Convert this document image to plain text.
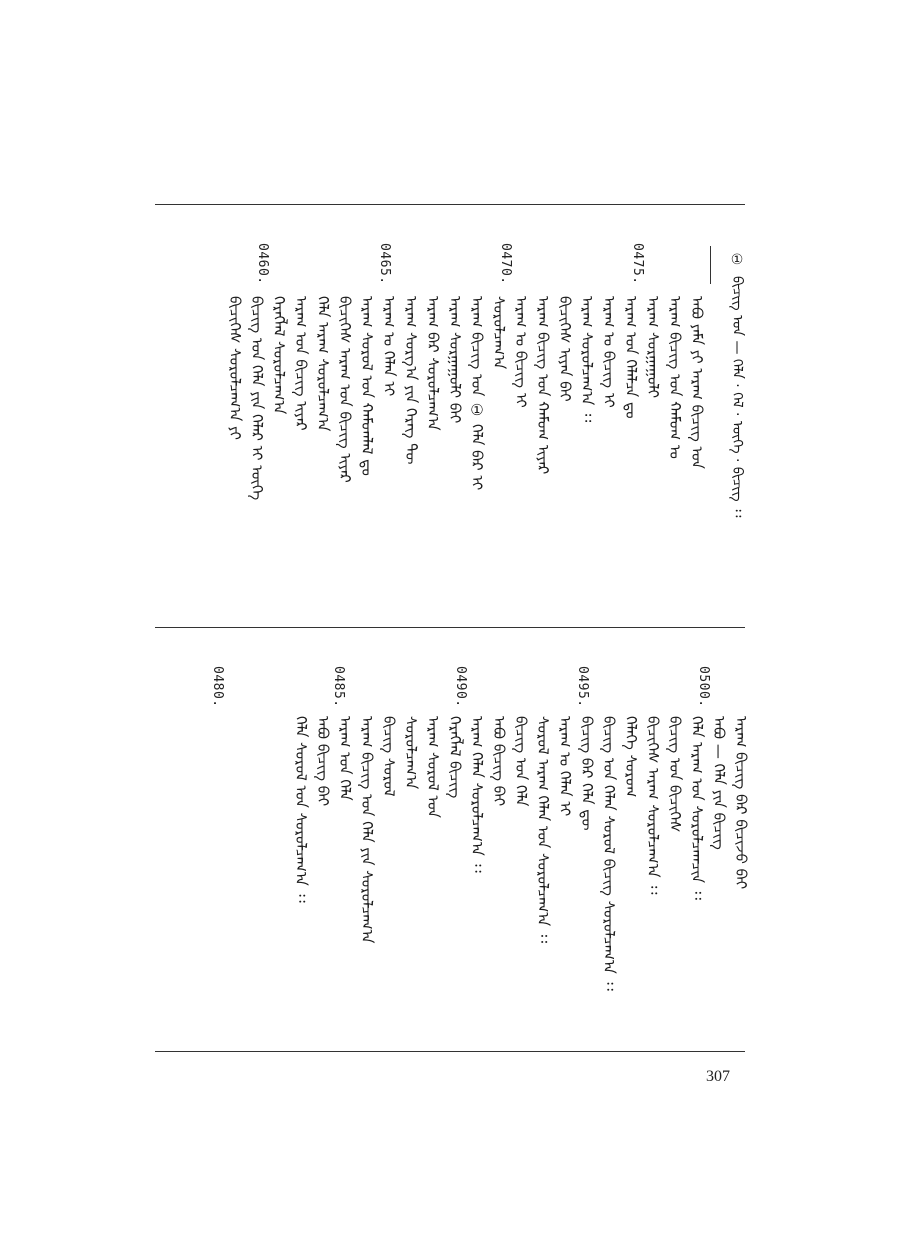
ᠪᠢᠴᠢᠭ᠌ ᠤᠨ — ᠬᠡᠯᠡ · ᠬᠡᠯ · ᠦᠭᠡ · ᠪᠢᠴᠢᠭ ᠄᠄
①
ᠠᠪᠤ ᠶᠠᠮᠠ ᠶᠢ ᠠᠷᠠᠭ ᠪᠢᠴᠢᠭ᠌ ᠤᠨ
ᠠᠷᠠᠭ ᠪᠢᠴᠢᠭ ᠤᠨ ᠬᠠᠮᠤᠭ ᠤ
ᠠᠷᠠᠭ ᠰᠤᠷᠭᠠᠭᠤᠯᠢ
ᠠᠷᠠᠭ ᠤᠨ ᠬᠡᠯᠡᠯᠴᠡ ᠳᠤ
ᠠᠷᠠᠭ ᠤ ᠪᠢᠴᠢᠭ ᠢ
ᠠᠷᠠᠭ ᠰᠤᠷᠤᠯᠴᠠᠭ᠎ᠠ ᠄᠄
ᠪᠢᠴᠢᠭᠡᠰ ᠢᠶᠡᠨ ᠪᠠᠢ
ᠠᠷᠠᠭ ᠪᠢᠴᠢᠭ ᠤᠨ ᠬᠠᠮᠤᠭ ᠢᠶᠠᠷ
ᠠᠷᠠᠭ ᠤ ᠪᠢᠴᠢᠭ ᠢ
ᠰᠤᠷᠤᠯᠴᠠᠭ᠎ᠠ
ᠠᠷᠠᠭ ᠪᠢᠴᠢᠭ᠌ ᠤᠨ ① ᠬᠡᠯᠡ ᠪᠡᠷ ᠢ
ᠠᠷᠠᠭ ᠰᠤᠷᠭᠠᠭᠤᠯᠢ ᠪᠠᠢ
ᠠᠷᠠᠭ ᠪᠠᠷ ᠰᠤᠷᠤᠯᠴᠠᠭ᠎ᠠ
ᠠᠷᠠᠭ ᠰᠤᠷᠭ᠎ᠠ ᠶᠢᠨ ᠬᠡᠷᠡᠭ ᠲᠦ
ᠠᠷᠠᠭ ᠤ ᠬᠡᠯᠡᠨ ᠢ
ᠠᠷᠠᠭ ᠰᠤᠷᠤᠯ ᠤᠨ ᠬᠠᠮᠤᠭᠯᠠᠯ ᠳᠤ
ᠪᠢᠴᠢᠭᠡᠰ ᠠᠷᠠᠭ ᠤᠨ ᠪᠢᠴᠢᠭ ᠢᠶᠡᠷ
ᠬᠡᠯᠡ ᠠᠷᠠᠭ ᠰᠤᠷᠤᠯᠴᠠᠭ᠎ᠠ
ᠠᠷᠠᠭ ᠤᠨ ᠪᠢᠴᠢᠭ ᠢᠶᠡᠷ
ᠬᠡᠷᠡᠭᠯᠡᠯ ᠰᠤᠷᠤᠯᠴᠠᠭ᠎ᠠ
ᠪᠢᠴᠢᠭ ᠤᠨ ᠬᠡᠯᠡ ᠶᠢᠨ ᠬᠡᠯᠡᠷ ᠢ ᠦᠭᠡ
ᠪᠢᠴᠢᠭᠡᠰ ᠰᠤᠷᠤᠯᠴᠠᠭ᠎ᠠ ᠶᠢ
0475.
0470.
0465.
0460.
ᠠᠷᠠᠭ ᠪᠢᠴᠢᠭ ᠪᠡᠷ ᠪᠢᠴᠢᠵᠦ ᠪᠠᠢ
ᠠᠪᠤ — ᠬᠡᠯᠡ ᠶᠢᠨ ᠪᠢᠴᠢᠭ
ᠬᠡᠯᠡ ᠠᠷᠠᠭ ᠤᠨ ᠰᠤᠷᠤᠯᠴᠠᠭᠴᠢᠨ ᠄᠄
ᠪᠢᠴᠢᠭ ᠤᠨ ᠪᠢᠴᠢᠭᠡᠰ
ᠪᠢᠴᠢᠭᠡᠰ ᠠᠷᠠᠭ ᠰᠤᠷᠤᠯᠴᠠᠭ᠎ᠠ ᠄᠄
ᠬᠡᠯᠡᠭᠡ ᠰᠤᠷᠤᠭ
ᠪᠢᠴᠢᠭ ᠤᠨ ᠬᠡᠯᠡᠨ ᠰᠤᠷᠤᠯ ᠪᠢᠴᠢᠭ᠌ ᠰᠤᠷᠤᠯᠴᠠᠭ᠎ᠠ ᠄᠄
ᠪᠢᠴᠢᠭ ᠪᠠᠷ ᠬᠡᠯᠡ ᠳᠦ
ᠠᠷᠠᠭ ᠤ ᠬᠡᠯᠡᠨ ᠢ
ᠰᠤᠷᠤᠯ ᠠᠷᠠᠭ ᠬᠡᠯᠡᠨ ᠤᠨ ᠰᠤᠷᠤᠯᠴᠠᠭ᠎ᠠ ᠄᠄
ᠪᠢᠴᠢᠭ ᠤᠨ ᠬᠡᠯᠡ
ᠠᠪᠤ ᠪᠢᠴᠢᠭ ᠪᠠᠢ
ᠠᠷᠠᠭ ᠬᠡᠯᠡᠨ ᠰᠤᠷᠤᠯᠴᠠᠭ᠎ᠠ ᠄᠄
ᠬᠡᠷᠡᠭᠯᠡᠯ ᠪᠢᠴᠢᠭ
ᠠᠷᠠᠭ ᠰᠤᠷᠤᠯ ᠤᠨ
ᠰᠤᠷᠤᠯᠴᠠᠭ᠎ᠠ
ᠪᠢᠴᠢᠭ ᠰᠤᠷᠤᠯ
ᠠᠷᠠᠭ ᠪᠢᠴᠢᠭ ᠤᠨ ᠬᠡᠯᠡ ᠶᠢᠨ ᠰᠤᠷᠤᠯᠴᠠᠭ᠎ᠠ
ᠠᠷᠠᠭ ᠤᠨ ᠬᠡᠯᠡ
ᠠᠪᠤ ᠪᠢᠴᠢᠭ ᠪᠠᠢ
ᠬᠡᠯᠡ ᠰᠤᠷᠤᠯ ᠤᠨ ᠰᠤᠷᠤᠯᠴᠠᠭ᠎ᠠ ᠄᠄
0500.
0495.
0490.
0485.
0480.
307
